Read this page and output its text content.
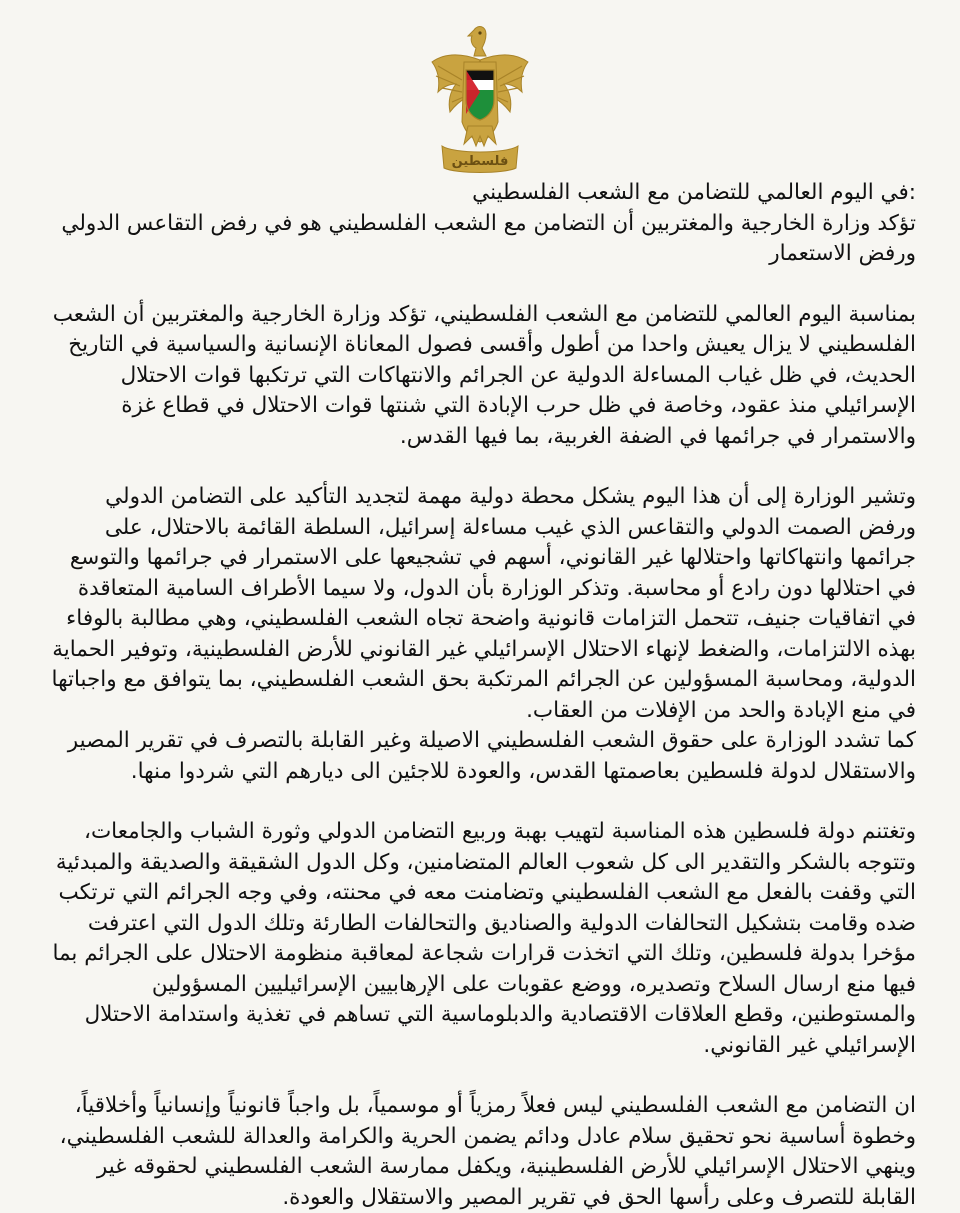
فلسطين

:في اليوم العالمي للتضامن مع الشعب الفلسطيني

تؤكد وزارة الخارجية والمغتربين أن التضامن مع الشعب الفلسطيني هو في رفض التقاعس الدولي ورفض الاستعمار

بمناسبة اليوم العالمي للتضامن مع الشعب الفلسطيني، تؤكد وزارة الخارجية والمغتربين أن الشعب الفلسطيني لا يزال يعيش واحدا من أطول وأقسى فصول المعاناة الإنسانية والسياسية في التاريخ الحديث، في ظل غياب المساءلة الدولية عن الجرائم والانتهاكات التي ترتكبها قوات الاحتلال الإسرائيلي منذ عقود، وخاصة في ظل حرب الإبادة التي شنتها قوات الاحتلال في قطاع غزة والاستمرار في جرائمها في الضفة الغربية، بما فيها القدس.

وتشير الوزارة إلى أن هذا اليوم يشكل محطة دولية مهمة لتجديد التأكيد على التضامن الدولي ورفض الصمت الدولي والتقاعس الذي غيب مساءلة إسرائيل، السلطة القائمة بالاحتلال، على جرائمها وانتهاكاتها واحتلالها غير القانوني، أسهم في تشجيعها على الاستمرار في جرائمها والتوسع في احتلالها دون رادع أو محاسبة. وتذكر الوزارة بأن الدول، ولا سيما الأطراف السامية المتعاقدة في اتفاقيات جنيف، تتحمل التزامات قانونية واضحة تجاه الشعب الفلسطيني، وهي مطالبة بالوفاء بهذه الالتزامات، والضغط لإنهاء الاحتلال الإسرائيلي غير القانوني للأرض الفلسطينية، وتوفير الحماية الدولية، ومحاسبة المسؤولين عن الجرائم المرتكبة بحق الشعب الفلسطيني، بما يتوافق مع واجباتها في منع الإبادة والحد من الإفلات من العقاب.

كما تشدد الوزارة على حقوق الشعب الفلسطيني الاصيلة وغير القابلة بالتصرف في تقرير المصير والاستقلال لدولة فلسطين بعاصمتها القدس، والعودة للاجئين الى ديارهم التي شردوا منها.

وتغتنم دولة فلسطين هذه المناسبة لتهيب بهبة وربيع التضامن الدولي وثورة الشباب والجامعات، وتتوجه بالشكر والتقدير الى كل شعوب العالم المتضامنين، وكل الدول الشقيقة والصديقة والمبدئية التي وقفت بالفعل مع الشعب الفلسطيني وتضامنت معه في محنته، وفي وجه الجرائم التي ترتكب ضده وقامت بتشكيل التحالفات الدولية والصناديق والتحالفات الطارئة وتلك الدول التي اعترفت مؤخرا بدولة فلسطين، وتلك التي اتخذت قرارات شجاعة لمعاقبة منظومة الاحتلال على الجرائم بما فيها منع ارسال السلاح وتصديره، ووضع عقوبات على الإرهابيين الإسرائيليين المسؤولين والمستوطنين، وقطع العلاقات الاقتصادية والدبلوماسية التي تساهم في تغذية واستدامة الاحتلال الإسرائيلي غير القانوني.

ان التضامن مع الشعب الفلسطيني ليس فعلاً رمزياً أو موسمياً، بل واجباً قانونياً وإنسانياً وأخلاقياً، وخطوة أساسية نحو تحقيق سلام عادل ودائم يضمن الحرية والكرامة والعدالة للشعب الفلسطيني، وينهي الاحتلال الإسرائيلي للأرض الفلسطينية، ويكفل ممارسة الشعب الفلسطيني لحقوقه غير القابلة للتصرف وعلى رأسها الحق في تقرير المصير والاستقلال والعودة.
